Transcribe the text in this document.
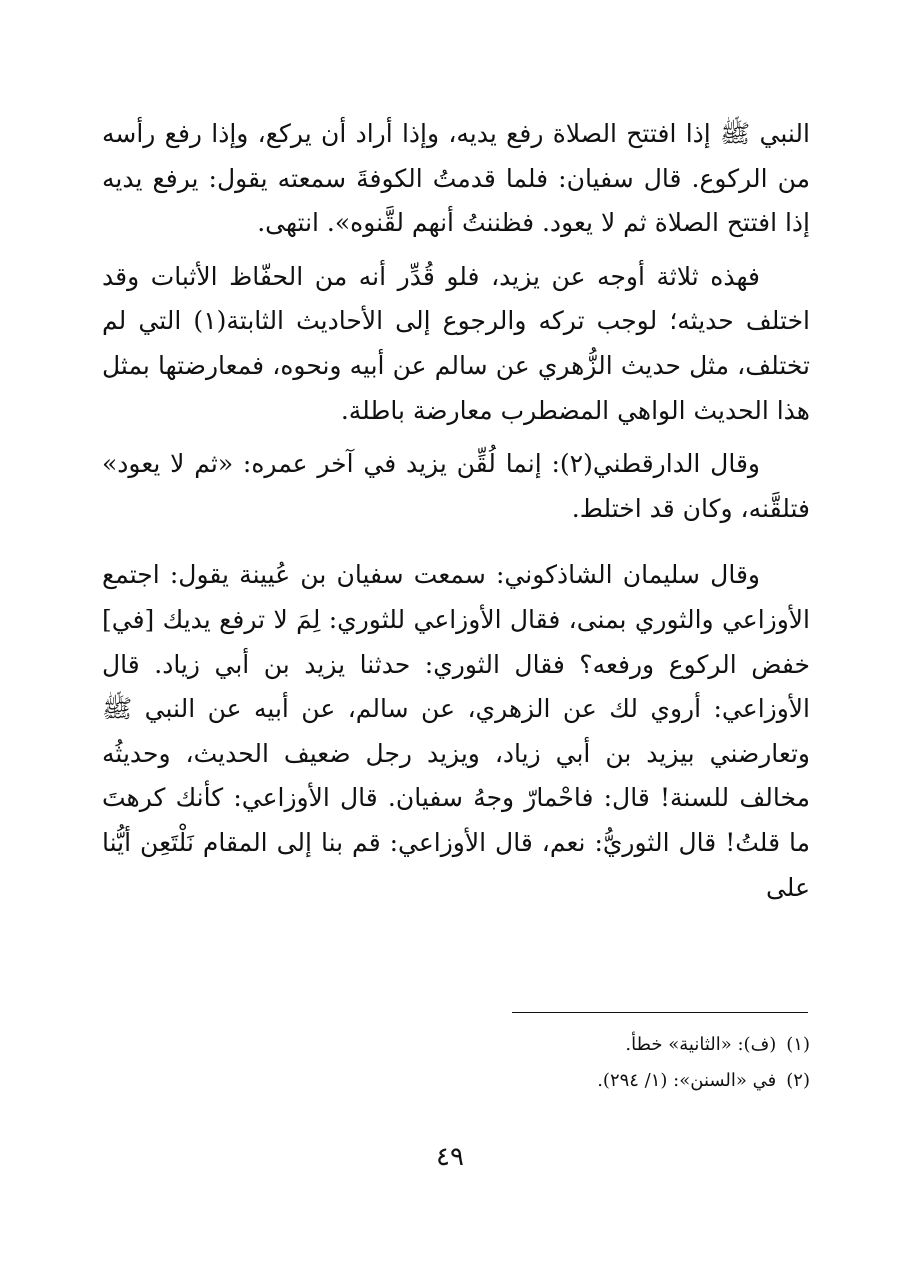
النبي ﷺ إذا افتتح الصلاة رفع يديه، وإذا أراد أن يركع، وإذا رفع رأسه من الركوع. قال سفيان: فلما قدمتُ الكوفةَ سمعته يقول: يرفع يديه إذا افتتح الصلاة ثم لا يعود. فظننتُ أنهم لقَّنوه». انتهى.

فهذه ثلاثة أوجه عن يزيد، فلو قُدِّر أنه من الحفّاظ الأثبات وقد اختلف حديثه؛ لوجب تركه والرجوع إلى الأحاديث الثابتة(١) التي لم تختلف، مثل حديث الزُّهري عن سالم عن أبيه ونحوه، فمعارضتها بمثل هذا الحديث الواهي المضطرب معارضة باطلة.

وقال الدارقطني(٢): إنما لُقِّن يزيد في آخر عمره: «ثم لا يعود» فتلقَّنه، وكان قد اختلط.

وقال سليمان الشاذكوني: سمعت سفيان بن عُيينة يقول: اجتمع الأوزاعي والثوري بمنى، فقال الأوزاعي للثوري: لِمَ لا ترفع يديك [في] خفض الركوع ورفعه؟ فقال الثوري: حدثنا يزيد بن أبي زياد. قال الأوزاعي: أروي لك عن الزهري، عن سالم، عن أبيه عن النبي ﷺ وتعارضني بيزيد بن أبي زياد، ويزيد رجل ضعيف الحديث، وحديثُه مخالف للسنة! قال: فاحْمارّ وجهُ سفيان. قال الأوزاعي: كأنك كرهتَ ما قلتُ! قال الثوريُّ: نعم، قال الأوزاعي: قم بنا إلى المقام نَلْتَعِن أيُّنا على

(١)(ف): «الثانية» خطأ.

(٢)في «السنن»: (١/ ٢٩٤).

٤٩
